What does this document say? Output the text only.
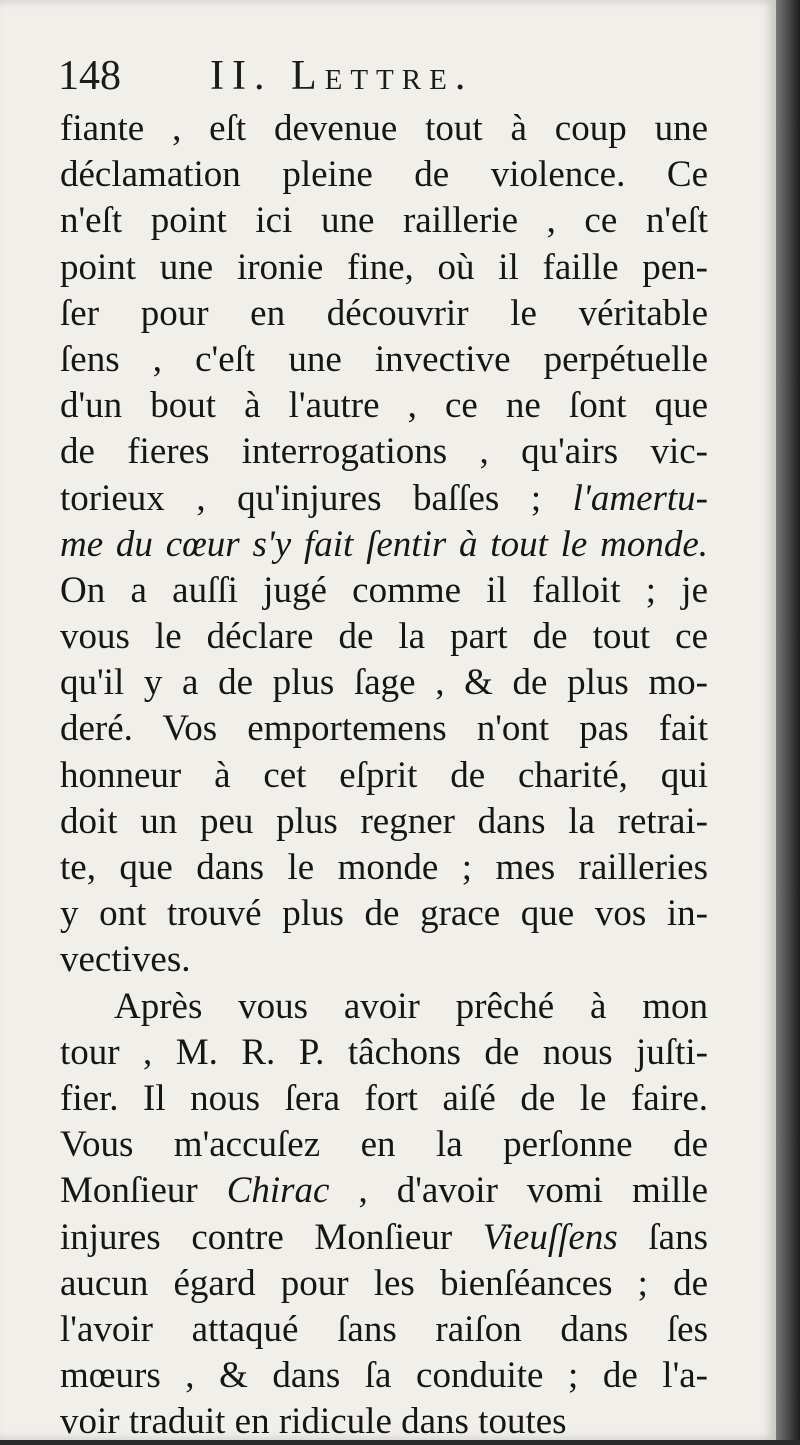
148 II. Lettre.
fiante , eſt devenue tout à coup une
déclamation pleine de violence. Ce
n'eſt point ici une raillerie , ce n'eſt
point une ironie fine, où il faille pen-
ſer pour en découvrir le véritable
ſens , c'eſt une invective perpétuelle
d'un bout à l'autre , ce ne ſont que
de fieres interrogations , qu'airs vic-
torieux , qu'injures baſſes ; l'amertu-
me du cœur s'y fait ſentir à tout le monde.
On a auſſi jugé comme il falloit ; je
vous le déclare de la part de tout ce
qu'il y a de plus ſage , & de plus mo-
deré. Vos emportemens n'ont pas fait
honneur à cet eſprit de charité, qui
doit un peu plus regner dans la retrai-
te, que dans le monde ; mes railleries
y ont trouvé plus de grace que vos in-
vectives.
Après vous avoir prêché à mon
tour , M. R. P. tâchons de nous juſti-
fier. Il nous ſera fort aiſé de le faire.
Vous m'accuſez en la perſonne de
Monſieur Chirac , d'avoir vomi mille
injures contre Monſieur Vieuſſens ſans
aucun égard pour les bienſéances ; de
l'avoir attaqué ſans raiſon dans ſes
mœurs , & dans ſa conduite ; de l'a-
voir traduit en ridicule dans toutes
